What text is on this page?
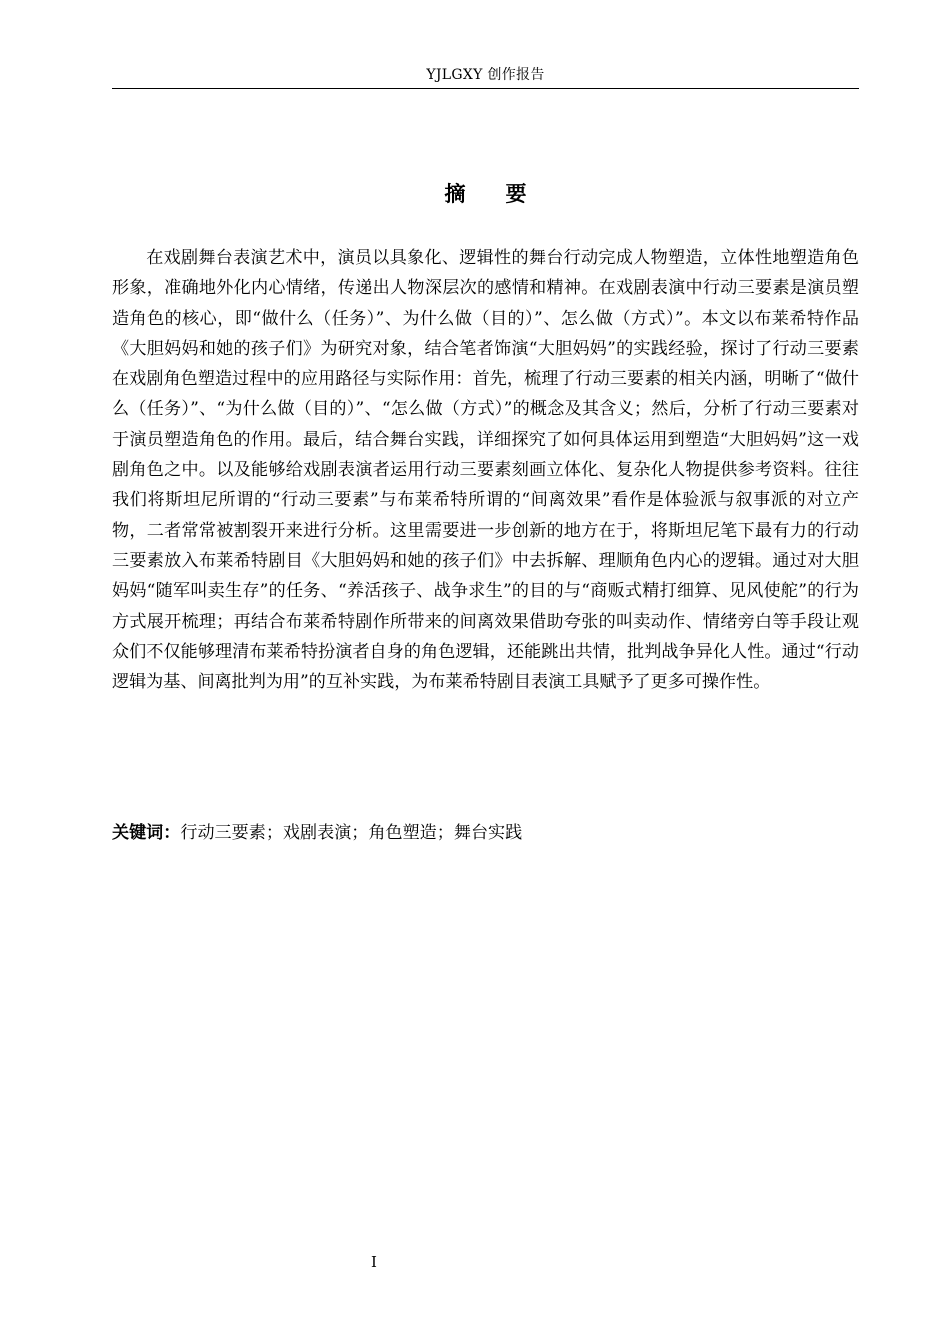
YJLGXY 创作报告
摘要

在戏剧舞台表演艺术中，演员以具象化、逻辑性的舞台行动完成人物塑造，立体性地塑造角色形象，准确地外化内心情绪，传递出人物深层次的感情和精神。在戏剧表演中行动三要素是演员塑造角色的核心，即“做什么（任务）”、为什么做（目的）”、怎么做（方式）”。本文以布莱希特作品《大胆妈妈和她的孩子们》为研究对象，结合笔者饰演“大胆妈妈”的实践经验，探讨了行动三要素在戏剧角色塑造过程中的应用路径与实际作用：首先，梳理了行动三要素的相关内涵，明晰了“做什么（任务）”、“为什么做（目的）”、“怎么做（方式）”的概念及其含义；然后，分析了行动三要素对于演员塑造角色的作用。最后，结合舞台实践，详细探究了如何具体运用到塑造“大胆妈妈”这一戏剧角色之中。以及能够给戏剧表演者运用行动三要素刻画立体化、复杂化人物提供参考资料。往往我们将斯坦尼所谓的“行动三要素”与布莱希特所谓的“间离效果”看作是体验派与叙事派的对立产物，二者常常被割裂开来进行分析。这里需要进一步创新的地方在于，将斯坦尼笔下最有力的行动三要素放入布莱希特剧目《大胆妈妈和她的孩子们》中去拆解、理顺角色内心的逻辑。通过对大胆妈妈“随军叫卖生存”的任务、“养活孩子、战争求生”的目的与“商贩式精打细算、见风使舵”的行为方式展开梳理；再结合布莱希特剧作所带来的间离效果借助夸张的叫卖动作、情绪旁白等手段让观众们不仅能够理清布莱希特扮演者自身的角色逻辑，还能跳出共情，批判战争异化人性。通过“行动逻辑为基、间离批判为用”的互补实践，为布莱希特剧目表演工具赋予了更多可操作性。

关键词：行动三要素；戏剧表演；角色塑造；舞台实践

I
